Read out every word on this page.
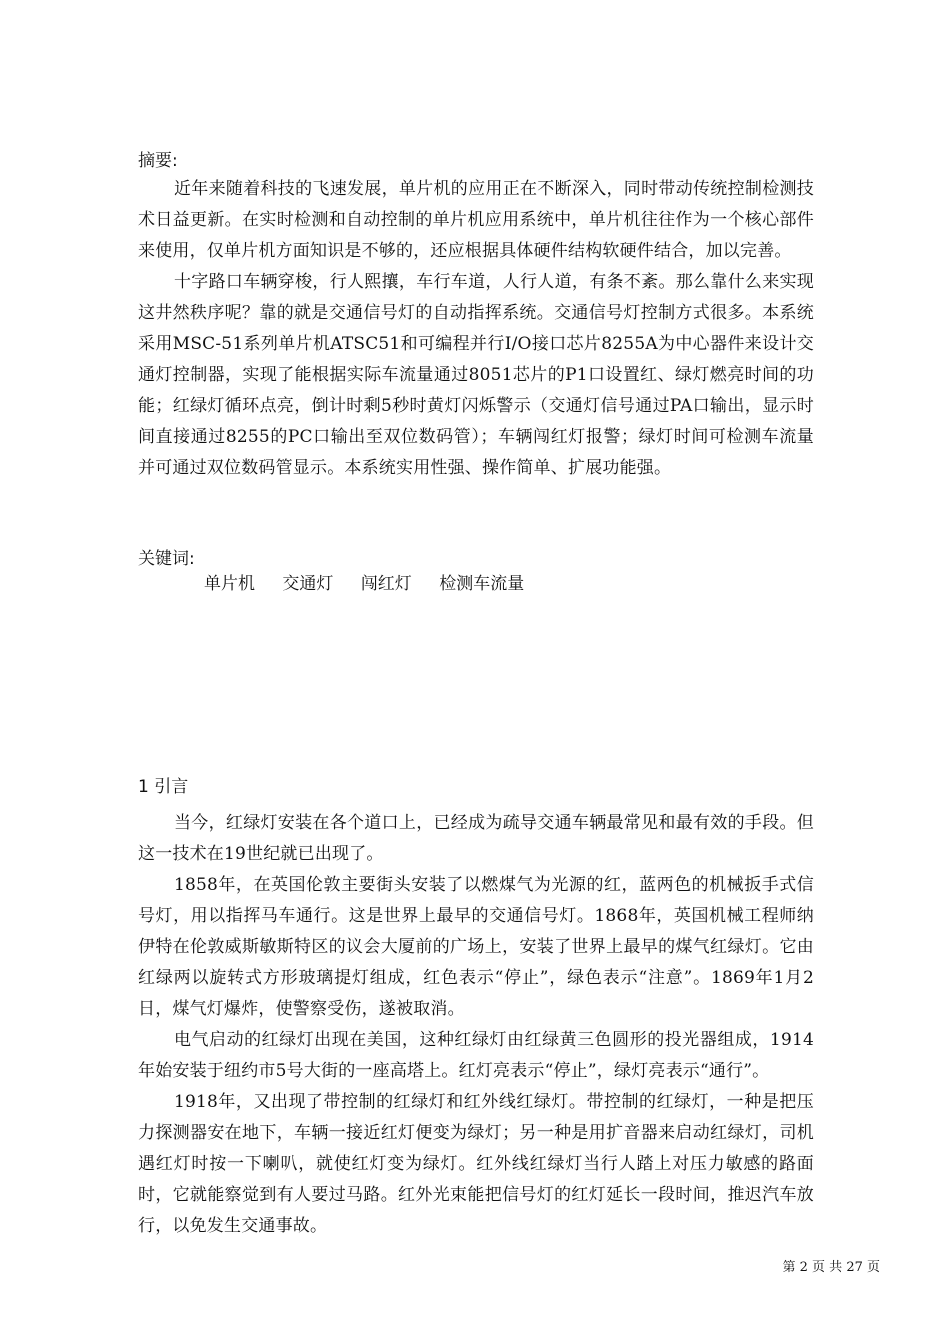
摘要:

近年来随着科技的飞速发展，单片机的应用正在不断深入，同时带动传统控制检测技术日益更新。在实时检测和自动控制的单片机应用系统中，单片机往往作为一个核心部件来使用，仅单片机方面知识是不够的，还应根据具体硬件结构软硬件结合，加以完善。

十字路口车辆穿梭，行人熙攘，车行车道，人行人道，有条不紊。那么靠什么来实现这井然秩序呢？靠的就是交通信号灯的自动指挥系统。交通信号灯控制方式很多。本系统采用MSC-51系列单片机ATSC51和可编程并行I/O接口芯片8255A为中心器件来设计交通灯控制器，实现了能根据实际车流量通过8051芯片的P1口设置红、绿灯燃亮时间的功能；红绿灯循环点亮，倒计时剩5秒时黄灯闪烁警示（交通灯信号通过PA口输出，显示时间直接通过8255的PC口输出至双位数码管）；车辆闯红灯报警；绿灯时间可检测车流量并可通过双位数码管显示。本系统实用性强、操作简单、扩展功能强。

关键词:
单片机 交通灯 闯红灯 检测车流量
1 引言

当今，红绿灯安装在各个道口上，已经成为疏导交通车辆最常见和最有效的手段。但这一技术在19世纪就已出现了。

1858年，在英国伦敦主要街头安装了以燃煤气为光源的红，蓝两色的机械扳手式信号灯，用以指挥马车通行。这是世界上最早的交通信号灯。1868年，英国机械工程师纳伊特在伦敦威斯敏斯特区的议会大厦前的广场上，安装了世界上最早的煤气红绿灯。它由红绿两以旋转式方形玻璃提灯组成，红色表示“停止”，绿色表示“注意”。1869年1月2日，煤气灯爆炸，使警察受伤，遂被取消。

电气启动的红绿灯出现在美国，这种红绿灯由红绿黄三色圆形的投光器组成，1914年始安装于纽约市5号大街的一座高塔上。红灯亮表示“停止”，绿灯亮表示“通行”。

1918年，又出现了带控制的红绿灯和红外线红绿灯。带控制的红绿灯，一种是把压力探测器安在地下，车辆一接近红灯便变为绿灯；另一种是用扩音器来启动红绿灯，司机遇红灯时按一下喇叭，就使红灯变为绿灯。红外线红绿灯当行人踏上对压力敏感的路面时，它就能察觉到有人要过马路。红外光束能把信号灯的红灯延长一段时间，推迟汽车放行，以免发生交通事故。

第 2 页 共 27 页
